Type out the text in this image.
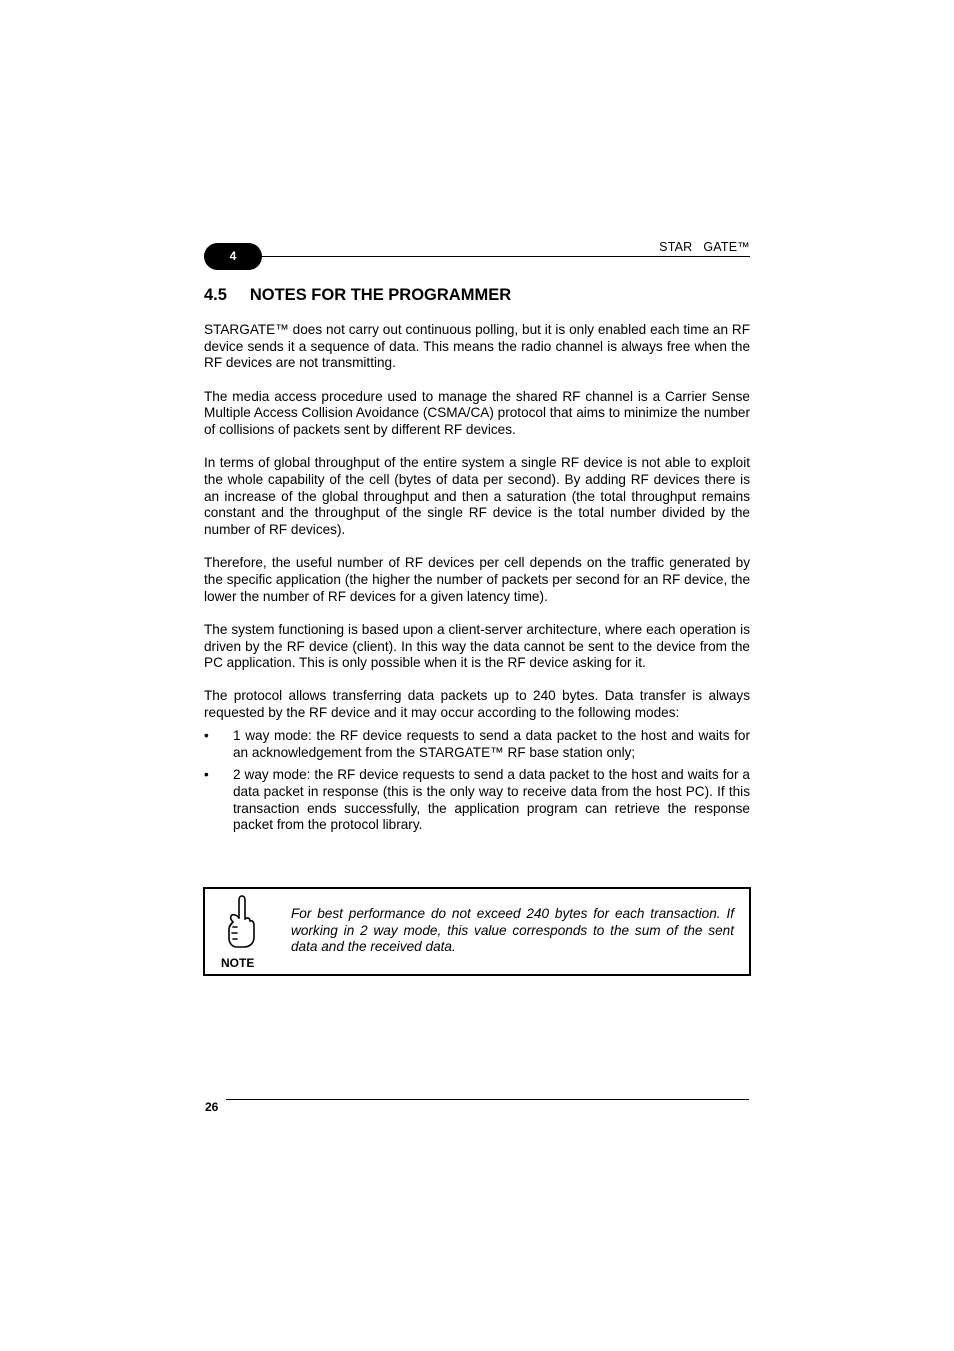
4
STAR   GATE™
4.5     NOTES FOR THE PROGRAMMER

STARGATE™ does not carry out continuous polling, but it is only enabled each time an RF device sends it a sequence of data. This means the radio channel is always free when the RF devices are not transmitting.

The media access procedure used to manage the shared RF channel is a Carrier Sense Multiple Access Collision Avoidance (CSMA/CA) protocol that aims to minimize the number of collisions of packets sent by different RF devices.

In terms of global throughput of the entire system a single RF device is not able to exploit the whole capability of the cell (bytes of data per second). By adding RF devices there is an increase of the global throughput and then a saturation (the total throughput remains constant and the throughput of the single RF device is the total number divided by the number of RF devices).

Therefore, the useful number of RF devices per cell depends on the traffic generated by the specific application (the higher the number of packets per second for an RF device, the lower the number of RF devices for a given latency time).

The system functioning is based upon a client-server architecture, where each operation is driven by the RF device (client). In this way the data cannot be sent to the device from the PC application. This is only possible when it is the RF device asking for it.

The protocol allows transferring data packets up to 240 bytes. Data transfer is always requested by the RF device and it may occur according to the following modes:

• 1 way mode: the RF device requests to send a data packet to the host and waits for an acknowledgement from the STARGATE™ RF base station only;
• 2 way mode: the RF device requests to send a data packet to the host and waits for a data packet in response (this is the only way to receive data from the host PC). If this transaction ends successfully, the application program can retrieve the response packet from the protocol library.
NOTE
For best performance do not exceed 240 bytes for each transaction. If working in 2 way mode, this value corresponds to the sum of the sent data and the received data.
26
